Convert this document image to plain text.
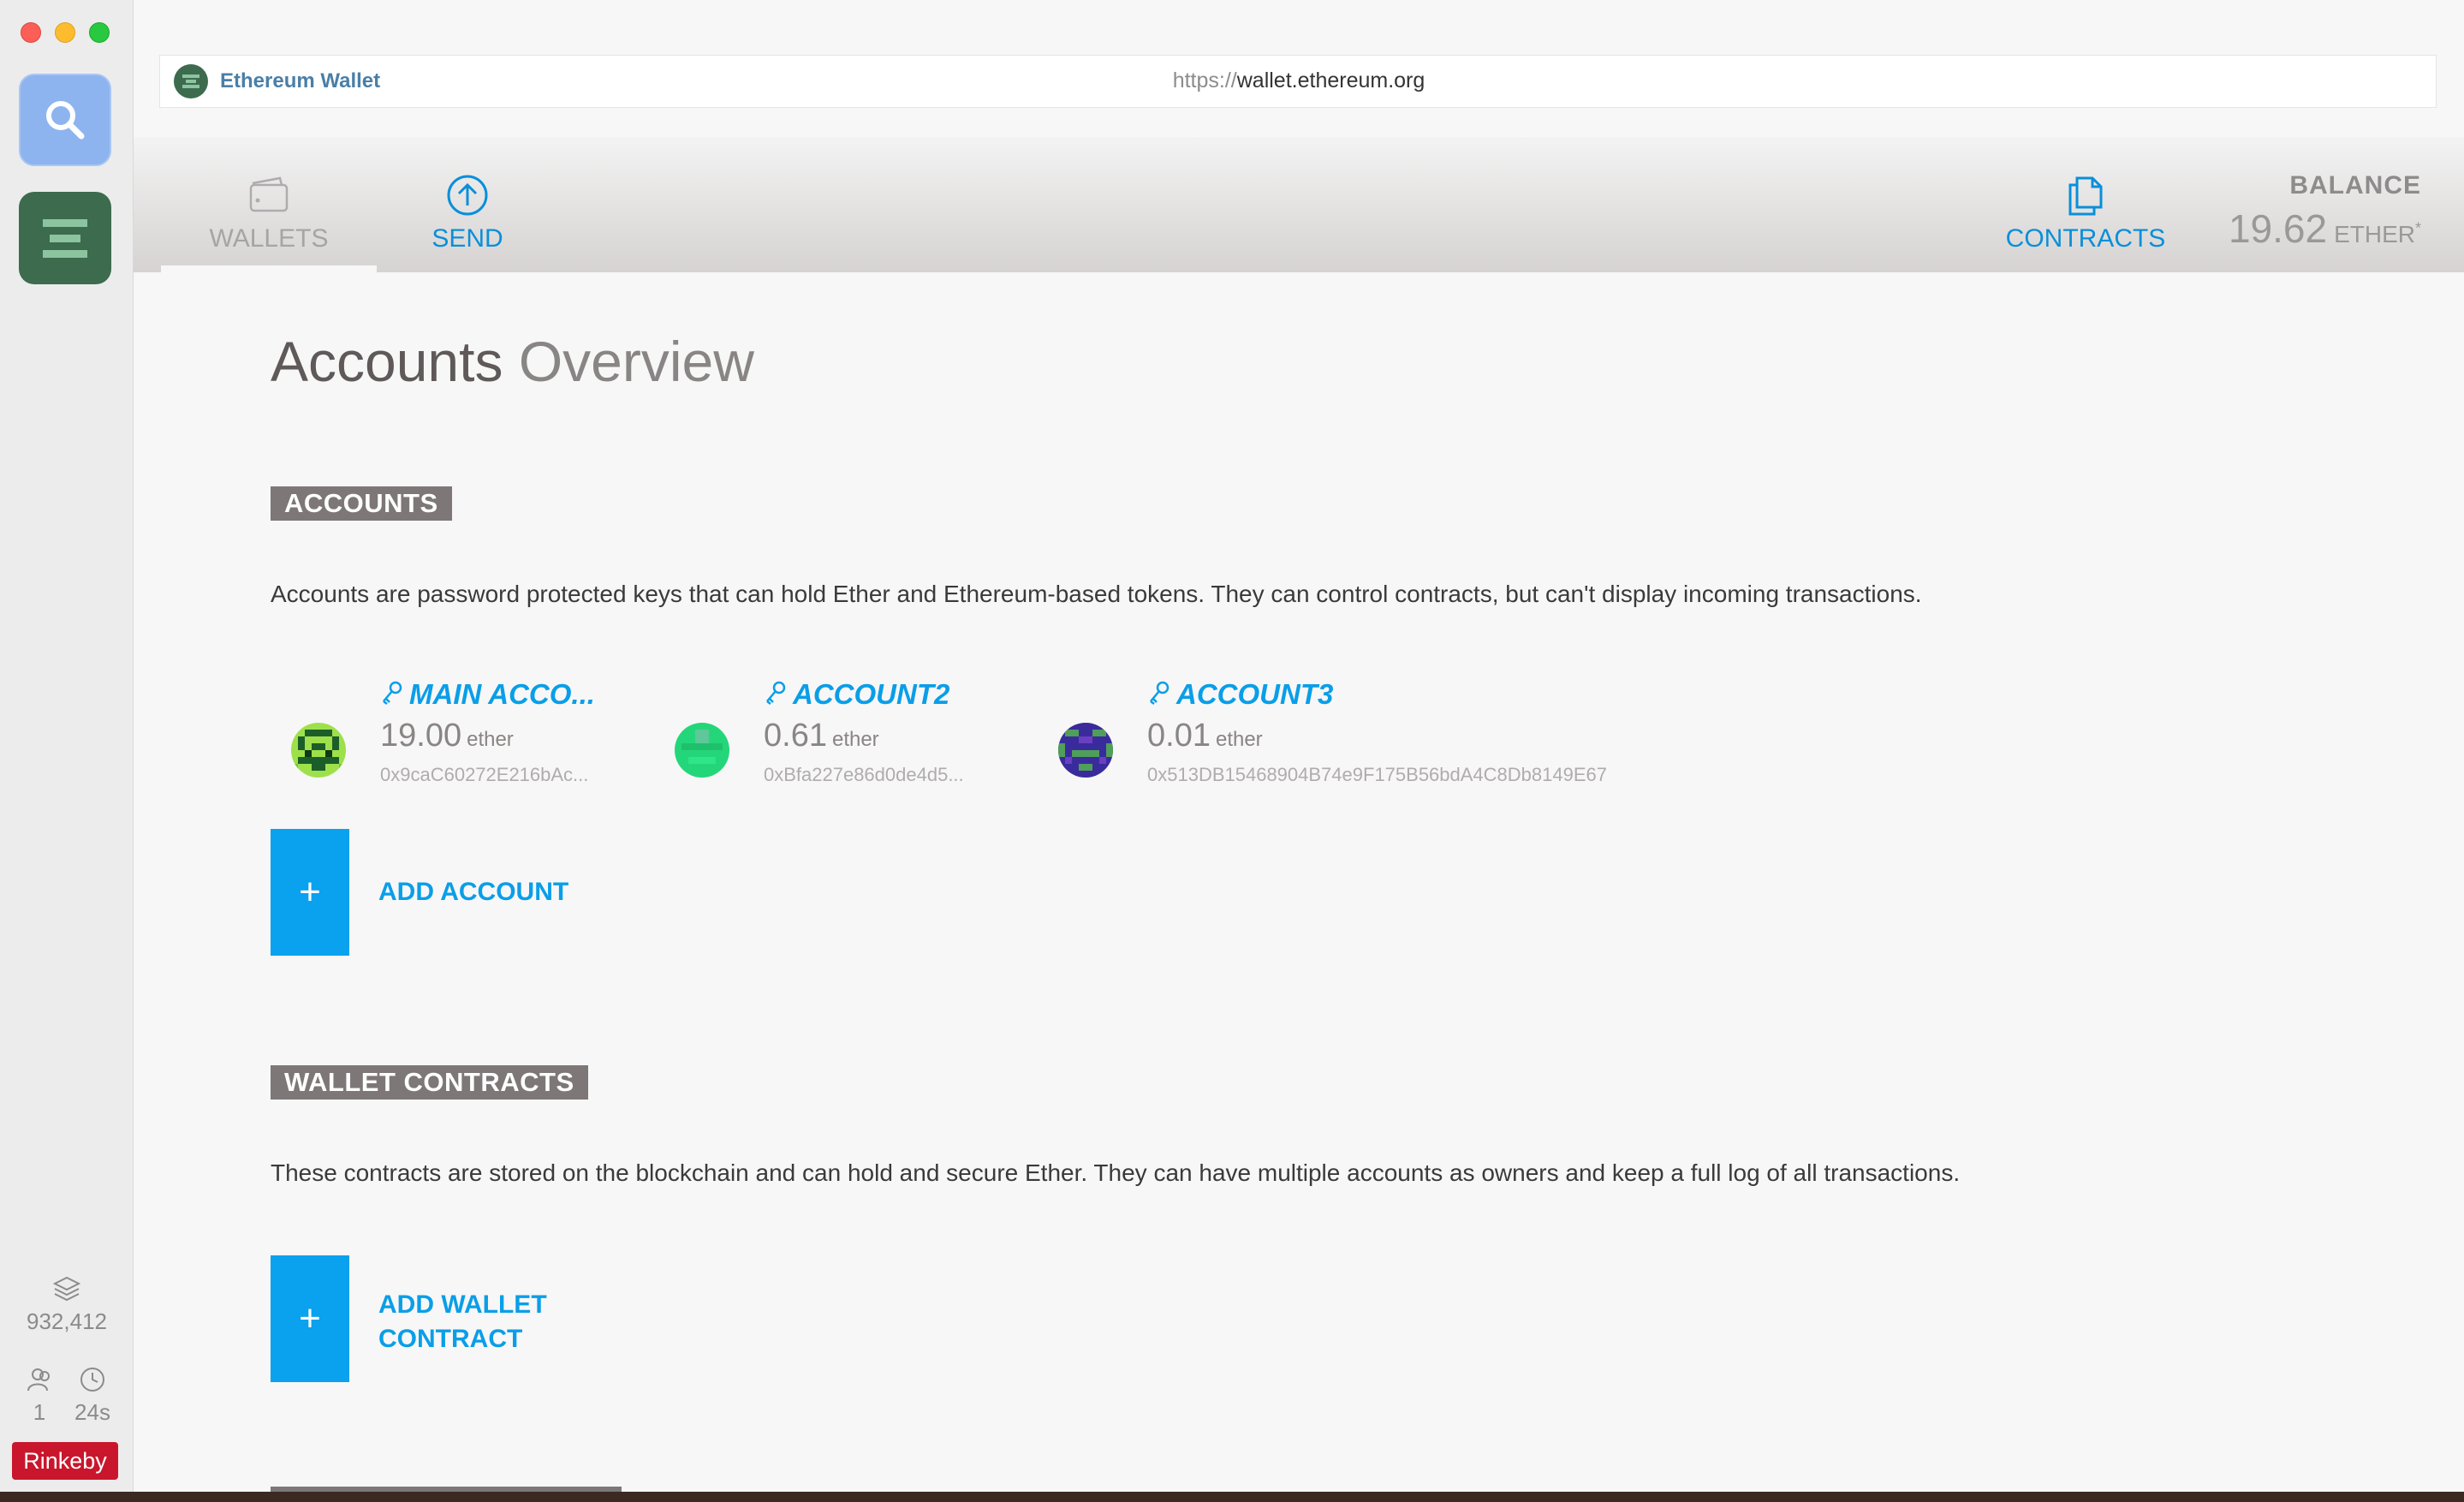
932,412
1	24s
Rinkeby
Ethereum Wallet	https://wallet.ethereum.org
WALLETS	SEND	CONTRACTS
BALANCE
19.62 ETHER*
Accounts Overview
ACCOUNTS
Accounts are password protected keys that can hold Ether and Ethereum-based tokens. They can control contracts, but can't display incoming transactions.
MAIN ACCO...
19.00 ether
0x9caC60272E216bAc...
ACCOUNT2
0.61 ether
0xBfa227e86d0de4d5...
ACCOUNT3
0.01 ether
0x513DB15468904B74e9F175B56bdA4C8Db8149E67
+	ADD ACCOUNT
WALLET CONTRACTS
These contracts are stored on the blockchain and can hold and secure Ether. They can have multiple accounts as owners and keep a full log of all transactions.
+	ADD WALLET
CONTRACT
